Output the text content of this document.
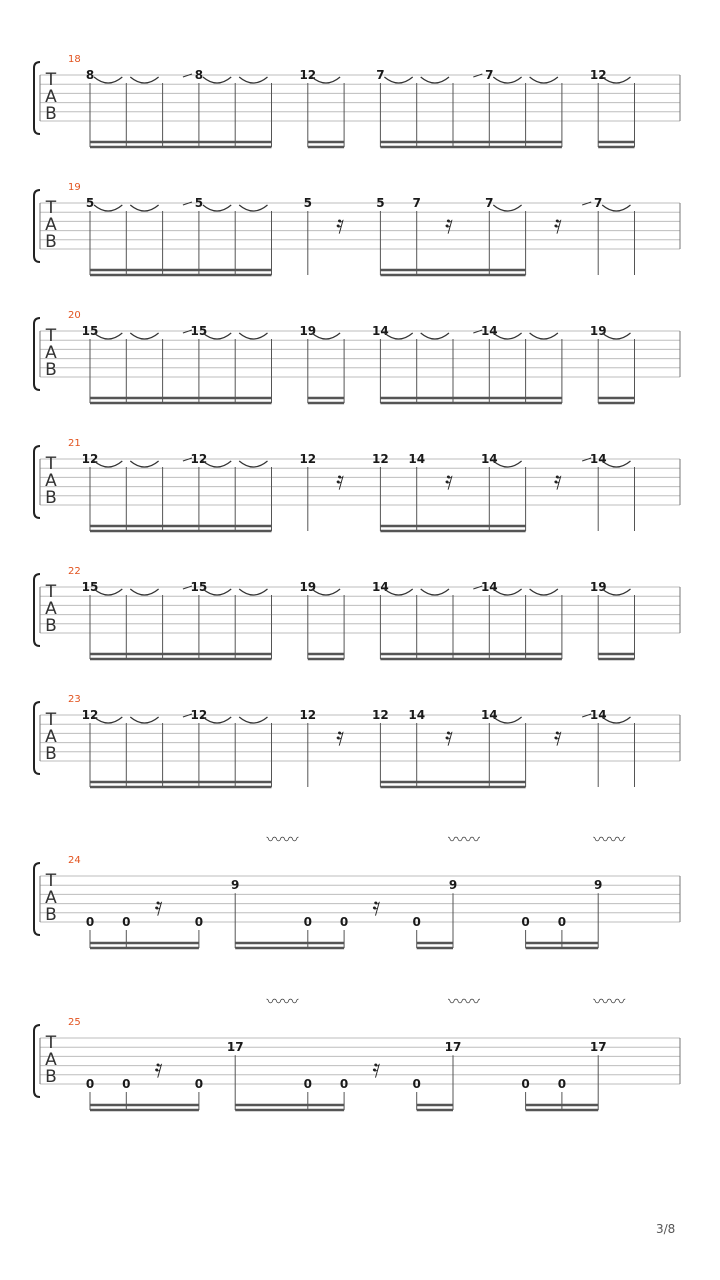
T
A
B
18
8	8	12	7	7	12
T
A
B
19
5	5	5
𝄿
5 7
𝄿
7
𝄿
7
T
A
B
20
15	15	19	14	14	19
T
A
B
21
12	12	12
𝄿
12 14
𝄿
14
𝄿
14
T
A
B
22
15	15	19	14	14	19
T
A
B
23
12	12	12
𝄿
12 14
𝄿
14
𝄿
14
T
A
B
24
0 0 𝄿	0
9
0 0 𝄿	0
9
0 0
9
〰〰	〰〰	〰〰
T
A
B
25
0 0 𝄿	0
17
0 0 𝄿	0
17
0 0
17
〰〰	〰〰	〰〰
3/8
